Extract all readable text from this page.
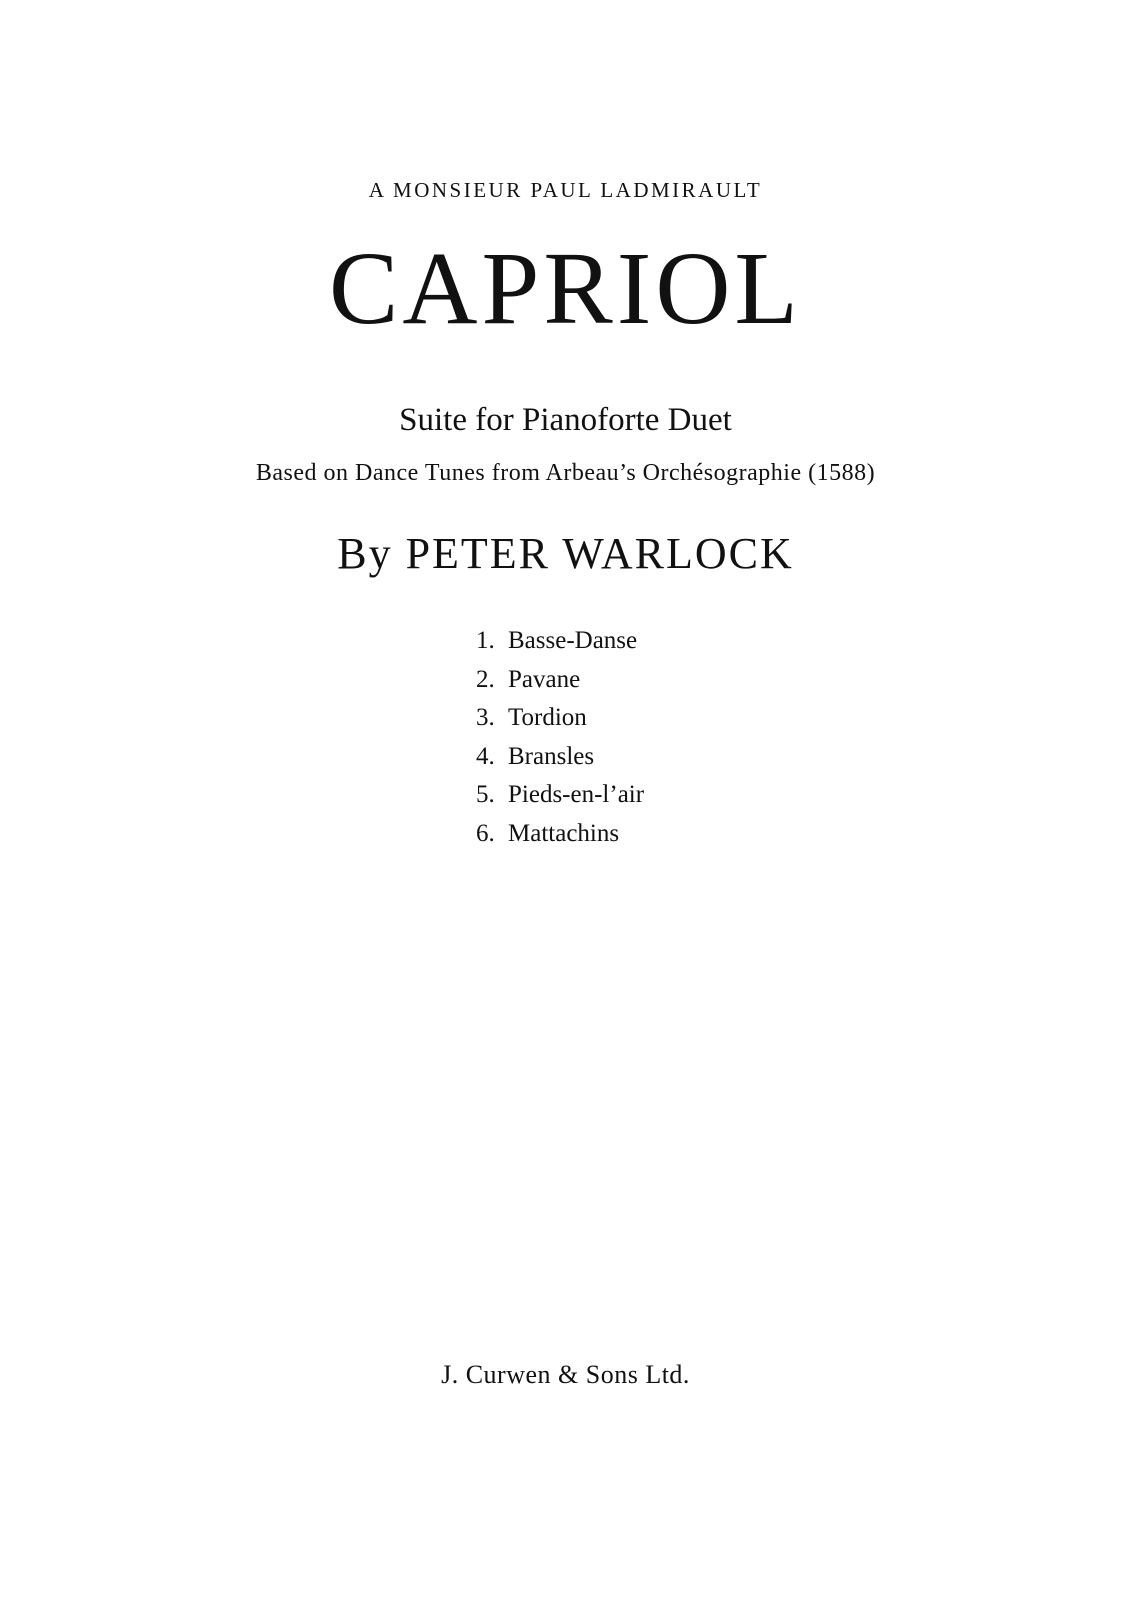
A MONSIEUR PAUL LADMIRAULT

CAPRIOL

Suite for Pianoforte Duet

Based on Dance Tunes from Arbeau’s Orchésographie (1588)

By PETER WARLOCK

1. Basse-Danse
2. Pavane
3. Tordion
4. Bransles
5. Pieds-en-l’air
6. Mattachins

J. Curwen & Sons Ltd.
